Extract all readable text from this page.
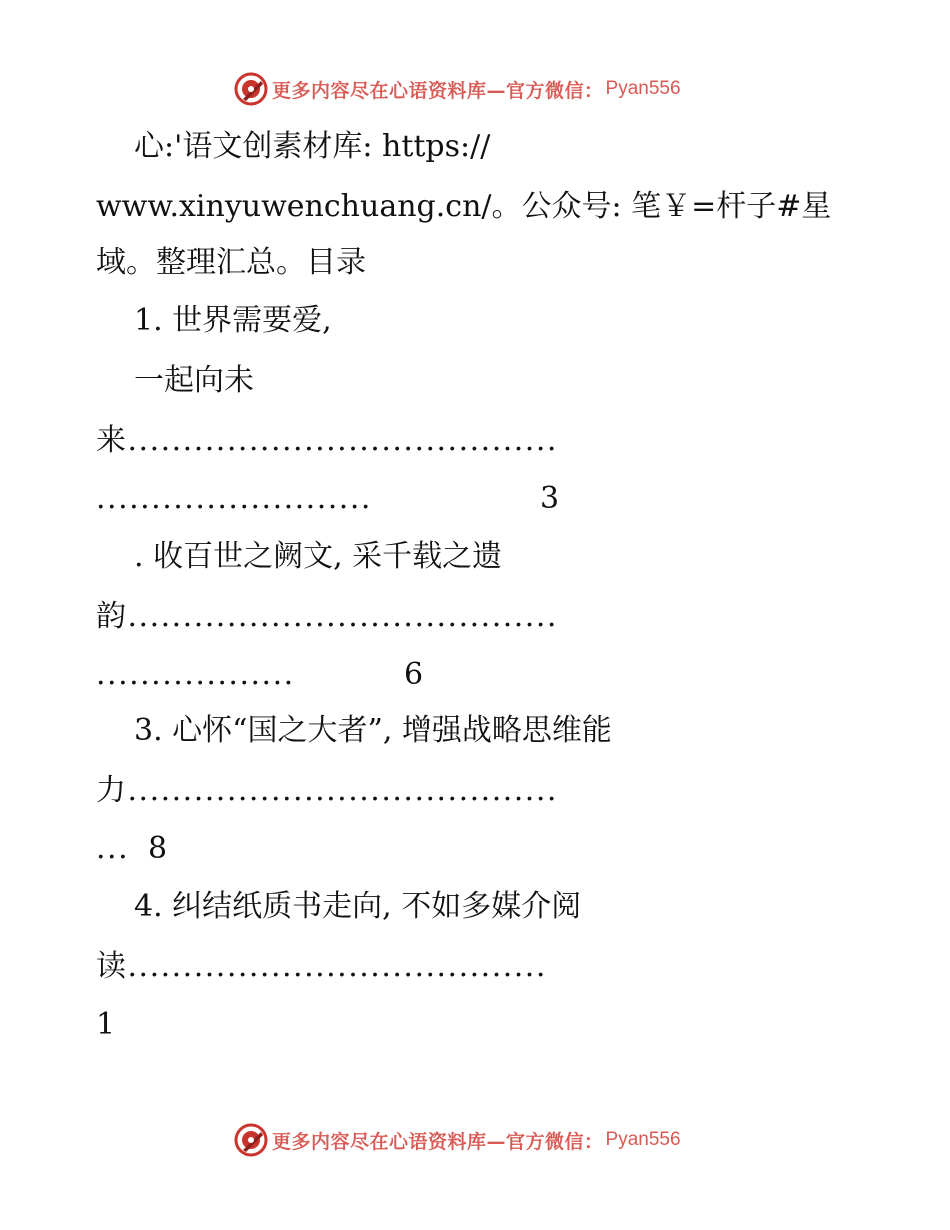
更多内容尽在心语资料库—官方微信： Pyan556
心:'语文创素材库: https://
www.xinyuwenchuang.cn/。公众号: 笔￥=杆子#星
域。整理汇总。目录
1. 世界需要爱,
一起向未
来.......................................
.........................	3
. 收百世之阙文, 采千载之遗
韵.......................................
..................	6
3. 心怀“国之大者”, 增强战略思维能
力.......................................
... 8
4. 纠结纸质书走向, 不如多媒介阅
读......................................
1
更多内容尽在心语资料库—官方微信： Pyan556
